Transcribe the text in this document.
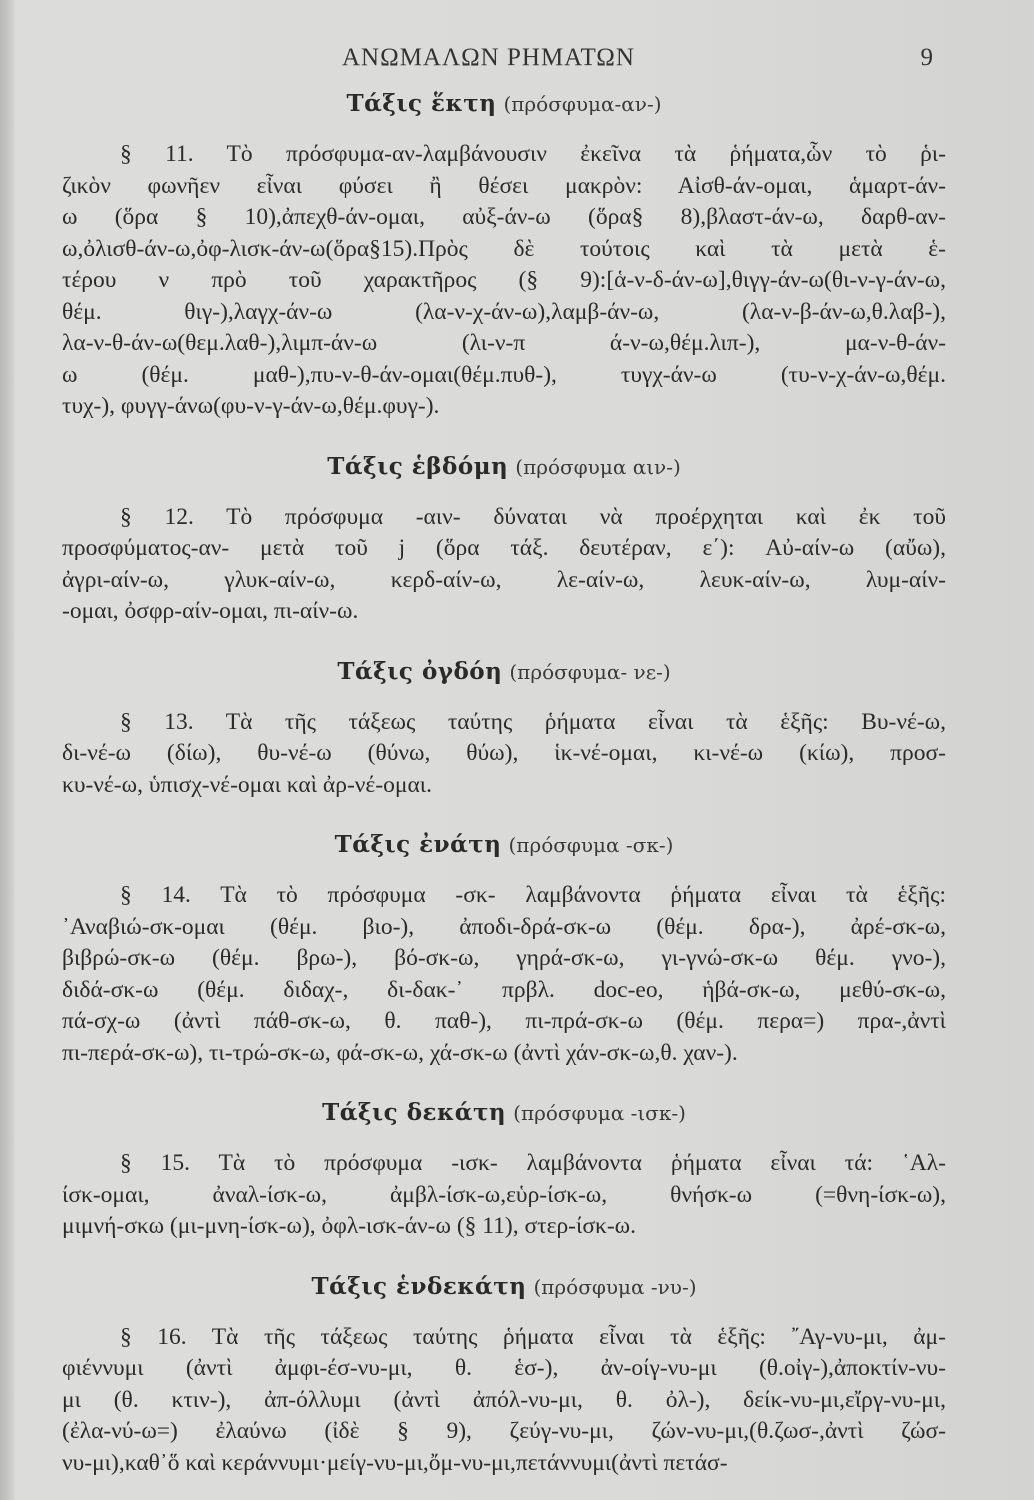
ΑΝΩΜΑΛΩΝ ΡΗΜΑΤΩΝ	9
Τάξις ἕκτη (πρόσφυμα-αν-)
§ 11. Τὸ πρόσφυμα-αν-λαμβάνουσιν ἐκεῖνα τὰ ῥήματα,ὧν τὸ ῥι-
ζικὸν φωνῆεν εἶναι φύσει ἢ θέσει μακρὸν: Αἰσθ-άν-ομαι, ἁμαρτ-άν-
ω (ὅρα § 10),ἀπεχθ-άν-ομαι, αὐξ-άν-ω (ὅρα§ 8),βλαστ-άν-ω, δαρθ-αν-
ω,ὀλισθ-άν-ω,ὀφ-λισκ-άν-ω(ὅρα§15).Πρὸς δὲ τούτοις καὶ τὰ μετὰ ἑ-
τέρου ν πρὸ τοῦ χαρακτῆρος (§ 9):[ἁ-ν-δ-άν-ω],θιγγ-άν-ω(θι-ν-γ-άν-ω,
θέμ. θιγ-),λαγχ-άν-ω (λα-ν-χ-άν-ω),λαμβ-άν-ω, (λα-ν-β-άν-ω,θ.λαβ-),
λα-ν-θ-άν-ω(θεμ.λαθ-),λιμπ-άν-ω (λι-ν-π ά-ν-ω,θέμ.λιπ-), μα-ν-θ-άν-
ω (θέμ. μαθ-),πυ-ν-θ-άν-ομαι(θέμ.πυθ-), τυγχ-άν-ω (τυ-ν-χ-άν-ω,θέμ.
τυχ-), φυγγ-άνω(φυ-ν-γ-άν-ω,θέμ.φυγ-).
Τάξις ἑβδόμη (πρόσφυμα αιν-)
§ 12. Τὸ πρόσφυμα -αιν- δύναται νὰ προέρχηται καὶ ἐκ τοῦ
προσφύματος-αν- μετὰ τοῦ j (ὅρα τάξ. δευτέραν, ε΄): Αὐ-αίν-ω (αὔω),
ἀγρι-αίν-ω, γλυκ-αίν-ω, κερδ-αίν-ω, λε-αίν-ω, λευκ-αίν-ω, λυμ-αίν-
-ομαι, ὀσφρ-αίν-ομαι, πι-αίν-ω.
Τάξις ὀγδόη (πρόσφυμα- νε-)
§ 13. Τὰ τῆς τάξεως ταύτης ῥήματα εἶναι τὰ ἑξῆς: Βυ-νέ-ω,
δι-νέ-ω (δίω), θυ-νέ-ω (θύνω, θύω), ἱκ-νέ-ομαι, κι-νέ-ω (κίω), προσ-
κυ-νέ-ω, ὑπισχ-νέ-ομαι καὶ ἀρ-νέ-ομαι.
Τάξις ἐνάτη (πρόσφυμα -σκ-)
§ 14. Τὰ τὸ πρόσφυμα -σκ- λαμβάνοντα ῥήματα εἶναι τὰ ἑξῆς:
᾿Αναβιώ-σκ-ομαι (θέμ. βιο-), ἀποδι-δρά-σκ-ω (θέμ. δρα-), ἀρέ-σκ-ω,
βιβρώ-σκ-ω (θέμ. βρω-), βό-σκ-ω, γηρά-σκ-ω, γι-γνώ-σκ-ω θέμ. γνο-),
διδά-σκ-ω (θέμ. διδαχ-, δι-δακ-᾿ πρβλ. doc-eo, ἡβά-σκ-ω, μεθύ-σκ-ω,
πά-σχ-ω (ἀντὶ πάθ-σκ-ω, θ. παθ-), πι-πρά-σκ-ω (θέμ. περα=) πρα-,ἀντὶ
πι-περά-σκ-ω), τι-τρώ-σκ-ω, φά-σκ-ω, χά-σκ-ω (ἀντὶ χάν-σκ-ω,θ. χαν-).
Τάξις δεκάτη (πρόσφυμα -ισκ-)
§ 15. Τὰ τὸ πρόσφυμα -ισκ- λαμβάνοντα ῥήματα εἶναι τά: ῾Αλ-
ίσκ-ομαι, ἀναλ-ίσκ-ω, ἀμβλ-ίσκ-ω,εὑρ-ίσκ-ω, θνήσκ-ω (=θνη-ίσκ-ω),
μιμνή-σκω (μι-μνη-ίσκ-ω), ὀφλ-ισκ-άν-ω (§ 11), στερ-ίσκ-ω.
Τάξις ἑνδεκάτη (πρόσφυμα -νυ-)
§ 16. Τὰ τῆς τάξεως ταύτης ῥήματα εἶναι τὰ ἑξῆς: ῎Αγ-νυ-μι, ἀμ-
φιέννυμι (ἀντὶ ἀμφι-έσ-νυ-μι, θ. ἑσ-), ἀν-οίγ-νυ-μι (θ.οἰγ-),ἀποκτίν-νυ-
μι (θ. κτιν-), ἀπ-όλλυμι (ἀντὶ ἀπόλ-νυ-μι, θ. ὀλ-), δείκ-νυ-μι,εἴργ-νυ-μι,
(ἐλα-νύ-ω=) ἐλαύνω (ἰδὲ § 9), ζεύγ-νυ-μι, ζών-νυ-μι,(θ.ζωσ-,ἀντὶ ζώσ-
νυ-μι),καθ᾿ὅ καὶ κεράννυμι·μείγ-νυ-μι,ὄμ-νυ-μι,πετάννυμι(ἀντὶ πετάσ-
